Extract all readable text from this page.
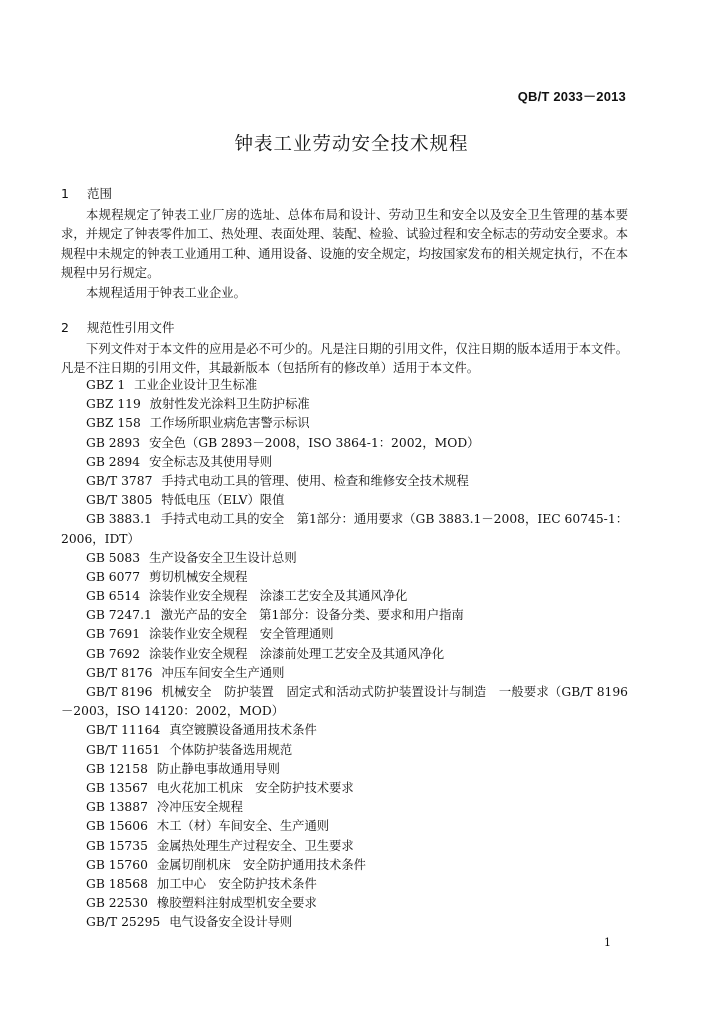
QB/T 2033－2013
钟表工业劳动安全技术规程
1 范围
本规程规定了钟表工业厂房的选址、总体布局和设计、劳动卫生和安全以及安全卫生管理的基本要求，并规定了钟表零件加工、热处理、表面处理、装配、检验、试验过程和安全标志的劳动安全要求。本规程中未规定的钟表工业通用工种、通用设备、设施的安全规定，均按国家发布的相关规定执行，不在本规程中另行规定。
本规程适用于钟表工业企业。
2 规范性引用文件
下列文件对于本文件的应用是必不可少的。凡是注日期的引用文件，仅注日期的版本适用于本文件。凡是不注日期的引用文件，其最新版本（包括所有的修改单）适用于本文件。
GBZ 1 工业企业设计卫生标准
GBZ 119 放射性发光涂料卫生防护标准
GBZ 158 工作场所职业病危害警示标识
GB 2893 安全色（GB 2893－2008，ISO 3864-1：2002，MOD）
GB 2894 安全标志及其使用导则
GB/T 3787 手持式电动工具的管理、使用、检查和维修安全技术规程
GB/T 3805 特低电压（ELV）限值
GB 3883.1 手持式电动工具的安全　第1部分：通用要求（GB 3883.1－2008，IEC 60745-1：2006，IDT）
GB 5083 生产设备安全卫生设计总则
GB 6077 剪切机械安全规程
GB 6514 涂装作业安全规程　涂漆工艺安全及其通风净化
GB 7247.1 激光产品的安全　第1部分：设备分类、要求和用户指南
GB 7691 涂装作业安全规程　安全管理通则
GB 7692 涂装作业安全规程　涂漆前处理工艺安全及其通风净化
GB/T 8176 冲压车间安全生产通则
GB/T 8196 机械安全　防护装置　固定式和活动式防护装置设计与制造　一般要求（GB/T 8196－2003，ISO 14120：2002，MOD）
GB/T 11164 真空镀膜设备通用技术条件
GB/T 11651 个体防护装备选用规范
GB 12158 防止静电事故通用导则
GB 13567 电火花加工机床　安全防护技术要求
GB 13887 冷冲压安全规程
GB 15606 木工（材）车间安全、生产通则
GB 15735 金属热处理生产过程安全、卫生要求
GB 15760 金属切削机床　安全防护通用技术条件
GB 18568 加工中心　安全防护技术条件
GB 22530 橡胶塑料注射成型机安全要求
GB/T 25295 电气设备安全设计导则
1
